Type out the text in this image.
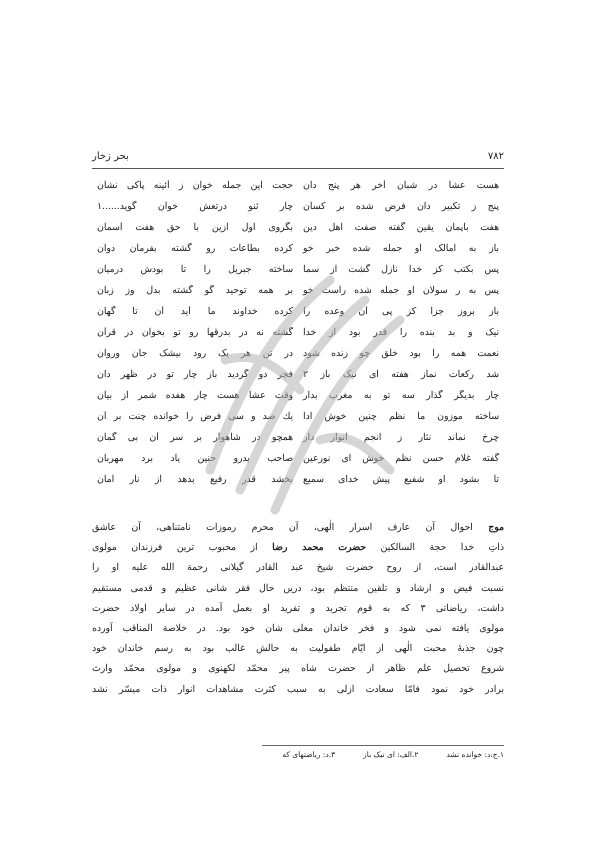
۷۸۲
بحر زخار
هست عشا در شبان آخر هر پنج دان
حجت این جمله خوان ز آئینه پاکی نشان
پنج ز تکبیر دان فرض شده بر کسان
چار ثنو درتعش خوان گوید......۱
هفت باپمان یقین گفته صفت اهل دین
بگروی اول ازین با حق هفت آسمان
باز به امالک او جمله شده خبر خو
کرده بطاعات رو گشته بفرمان دوان
پس بکتب کز خدا نازل گشت از سما
ساخته جبریل را تا بودش درمیان
پس به ر سولان او جمله شده راست خو
بر همه توحید گو گشته بدل وز زبان
باز بروز جزا کز پی آن وعده را
کرده خداوند ما آید آن تا گهان
نیک و بد بنده را قدر بود از خدا
گشته نه در بدرقها رو تو بخوان در قرآن
نعمت همه را بود خلق چو زنده شود
در تن هر یک رود بیشک جان وروان
شد رکعات نماز هفته ای نیک باز ۲
فجر دو گردید باز چار تو در ظهر دان
چار بدیگر گذار سه تو به مغرب بدار
وقت عشا هست چار هفده شمر از بیان
ساخته موزون ما نظم چنین خوش ادا
یك صد و سی فرض را خوانده چنت بر آن
چرخ نماند نثار ز انجم انوار دار
همچو در شاهوار بر سر آن بی گمان
گفته غلام حسن نظم خوش ای نورعین
صاحب بدرو حنین یاد برد مهربان
تا بشود او شفیع پیش خدای سمیع
بخشد قدر رفیع بدهد از نار امان
موج احوال آن عارف اسرار الٰهی، آن محرم رموزات نامتناهی، آن عاشق
ذاتِ خدا حجة السالکین حضرت محمد رضا از محبوب ترین فرزندان مولوی
عبدالقادر است، از روح حضرت شیخ عبد القادر گیلانی رحمة الله علیه او را
نسبت فیض و ارشاد و تلقین منتظم بود، دریں حال فقر شانی عظیم و قدمی مستقیم
داشت، ریاضاتی ۳ که به قوم تجرید و تفرید او بعمل آمده در سایر اولاد حضرت
مولوی یافته نمی شود و فخر خاندان معلی شان خود بود. در خلاصة المناقب آورده
چون جذبهٔ محبت الٰهی از ایّام طفولیت به حالش غالب بود به رسم خاندان خود
شروع تحصیل علم ظاهر از حضرت شاه پیر محمّد لکهنوی و مولوی محمّد وارث
برادر خود نمود فامّا سعادت ازلی به سبب کثرت مشاهدات انوار ذات میسّر نشد
۱.ج،د: خوانده نشد
۲.الف: ای نیک باز
۳.د: ریاضتهای که
